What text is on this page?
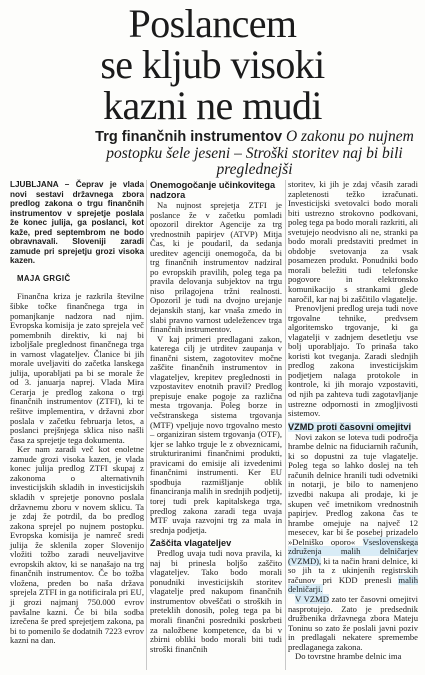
Poslancem
se kljub visoki
kazni ne mudi
Trg finančnih instrumentov O zakonu po nujnem postopku šele jeseni – Stroški storitev naj bi bili preglednejši

LJUBLJANA – Čeprav je vlada novi sestavi državnega zbora predlog zakona o trgu finančnih instrumentov v sprejetje poslala že konec julija, ga poslanci, kot kaže, pred septembrom ne bodo obravnavali. Sloveniji zaradi zamude pri sprejetju grozi visoka kazen.

MAJA GRGIČ

Finančna kriza je razkrila številne šibke točke finančnega trga in pomanjkanje nadzora nad njim. Evropska komisija je zato sprejela več pomembnih direktiv, ki naj bi izboljšale preglednost finančnega trga in varnost vlagateljev. Članice bi jih morale uveljaviti do začetka lanskega julija, uporabljati pa bi se morale že od 3. januarja naprej. Vlada Mira Cerarja je predlog zakona o trgi finančnih instrumentov (ZTFI), ki te rešitve implementira, v državni zbor poslala v začetku februarja letos, a poslanci prejšnjega sklica niso našli časa za sprejetje tega dokumenta.

Ker nam zaradi več kot enoletne zamude grozi visoka kazen, je vlada konec julija predlog ZTFI skupaj z zakonoma o alternativnih investicijskih skladih in investicijskih skladih v sprejetje ponovno poslala državnemu zboru v novem sklicu. Ta je zdaj že potrdil, da bo predlog zakona sprejel po nujnem postopku. Evropska komisija je namreč sredi julija že sklenila zoper Slovenijo vložiti tožbo zaradi neuveljavitve evropskih aktov, ki se nanašajo na trg finančnih instrumentov. Če bo tožba vložena, preden bo naša država sprejela ZTFI in ga notificirala pri EU, ji grozi najmanj 750.000 evrov pavšalne kazni. Če bi bila sodba izrečena še pred sprejetjem zakona, pa bi to pomenilo še dodatnih 7223 evrov kazni na dan.

Onemogočanje učinkovitega nadzora

Na nujnost sprejetja ZTFI je poslance že v začetku pomladi opozoril direktor Agencije za trg vrednostnih papirjev (ATVP) Mitja Čas, ki je poudaril, da sedanja ureditev agenciji onemogoča, da bi trg finančnih instrumentov nadziral po evropskih pravilih, poleg tega pa pravila delovanja subjektov na trgu niso prilagojena tržni realnosti. Opozoril je tudi na dvojno urejanje dejanskih stanj, kar vnaša zmedo in slabi pravno varnost udeležencev trga finančnih instrumentov.

V kaj primeri predlagani zakon, katerega cilj je utrditev zaupanja v finančni sistem, zagotovitev močne zaščite finančnih instrumentov in vlagateljev, krepitev preglednosti in vzpostavitev enotnih pravil? Predlog prepisuje enake pogoje za različna mesta trgovanja. Poleg borze in večstranskega sistema trgovanja (MTF) vpeljuje novo trgovalno mesto – organiziran sistem trgovanja (OTF), kjer se lahko trguje le z obveznicami, strukturiranimi finančnimi produkti, pravicami do emisije ali izvedenimi finančnimi instrumenti. Ker EU spodbuja razmišljanje oblik financiranja malih in srednjih podjetij, torej tudi prek kapitalskega trga, predlog zakona zaradi tega uvaja MTF uvaja razvojni trg za mala in srednja podjetja.

Zaščita vlagateljev

Predlog uvaja tudi nova pravila, ki naj bi prinesla boljšo zaščito vlagateljev. Tako bodo morali ponudniki investicijskih storitev vlagatelje pred nakupom finančnih instrumentov obveščati o stroških in preteklih donosih, poleg tega pa bi morali finančni posredniki poskrbeti za naložbene kompetence, da bi v zbirni obliki bodo morali biti tudi stroški finančnih

storitev, ki jih je zdaj včasih zaradi zapletenosti težko izračunati. Investicijski svetovalci bodo morali biti ustrezno strokovno podkovani, poleg tega pa bodo morali razkriti, ali svetujejo neodvisno ali ne, stranki pa bodo morali predstaviti predmet in obdobje svetovanja za vsak posamezen produkt. Ponudniki bodo morali beležiti tudi telefonske pogovore in elektronsko komunikacijo s strankami glede naročil, kar naj bi zaščitilo vlagatelje.

Prenovljeni predlog ureja tudi nove trgovalne tehnike, predvsem algoritemsko trgovanje, ki ga vlagatelji v zadnjem desetletju vse bolj uporabljajo. To prinaša tako koristi kot tveganja. Zaradi slednjih predlog zakona investicijskim podjetjem nalaga protokole in kontrole, ki jih morajo vzpostaviti, od njih pa zahteva tudi zagotavljanje ustrezne odpornosti in zmogljivosti sistemov.

VZMD proti časovni omejitvi

Novi zakon se loteva tudi področja hrambe delnic na fiduciarnih računih, ki so dopustni za tuje vlagatelje. Poleg tega so lahko doslej na teh računih delnice hranili tudi odvetniki in notarji, je bilo to namenjeno izvedbi nakupa ali prodaje, ki je skupen več imetnikom vrednostnih papirjev. Predlog zakona čas te hrambe omejuje na največ 12 mesecev, kar bi še posebej prizadelo »Delniško oporo« Vseslovenskega združenja malih delničarjev (VZMD), ki ta način hrani delnice, ki so jih ta z ukinjenih registrskih računov pri KDD prenesli malih delničarji.

V VZMD zato ter časovni omejitvi nasprotujejo. Zato je predsednik družbenika državnega zbora Mateju Toninu so zato že poslali javni poziv in predlagali nekatere spremembe predlaganega zakona.

Do tovrstne hrambe delnic ima
